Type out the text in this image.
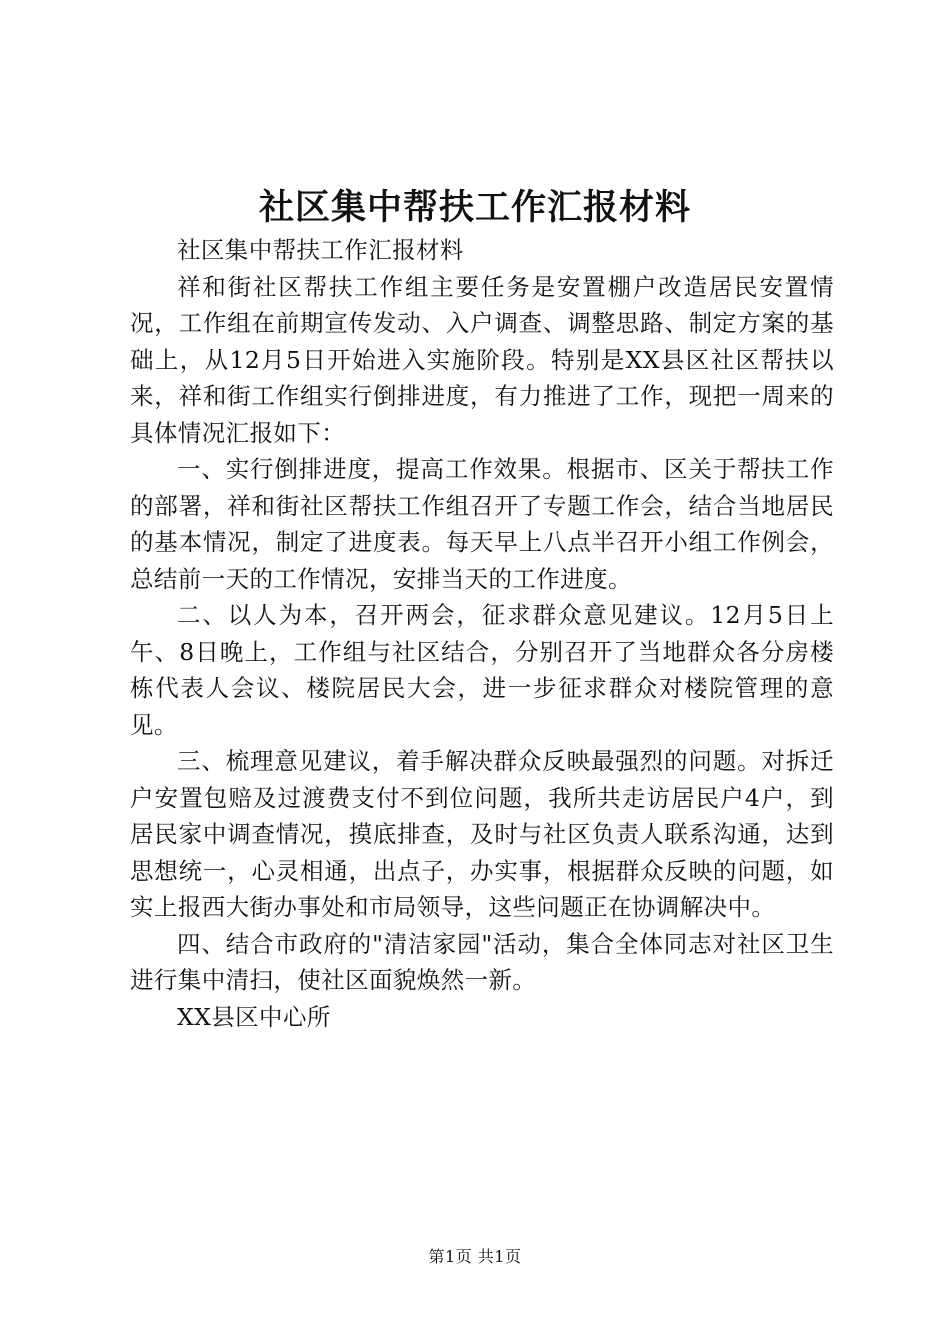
社区集中帮扶工作汇报材料

社区集中帮扶工作汇报材料

祥和街社区帮扶工作组主要任务是安置棚户改造居民安置情况，工作组在前期宣传发动、入户调查、调整思路、制定方案的基础上，从12月5日开始进入实施阶段。特别是XX县区社区帮扶以来，祥和街工作组实行倒排进度，有力推进了工作，现把一周来的具体情况汇报如下：

一、实行倒排进度，提高工作效果。根据市、区关于帮扶工作的部署，祥和街社区帮扶工作组召开了专题工作会，结合当地居民的基本情况，制定了进度表。每天早上八点半召开小组工作例会，总结前一天的工作情况，安排当天的工作进度。

二、以人为本，召开两会，征求群众意见建议。12月5日上午、8日晚上，工作组与社区结合，分别召开了当地群众各分房楼栋代表人会议、楼院居民大会，进一步征求群众对楼院管理的意见。

三、梳理意见建议，着手解决群众反映最强烈的问题。对拆迁户安置包赔及过渡费支付不到位问题，我所共走访居民户4户，到居民家中调查情况，摸底排查，及时与社区负责人联系沟通，达到思想统一，心灵相通，出点子，办实事，根据群众反映的问题，如实上报西大街办事处和市局领导，这些问题正在协调解决中。

四、结合市政府的"清洁家园"活动，集合全体同志对社区卫生进行集中清扫，使社区面貌焕然一新。

XX县区中心所

第1页 共1页
